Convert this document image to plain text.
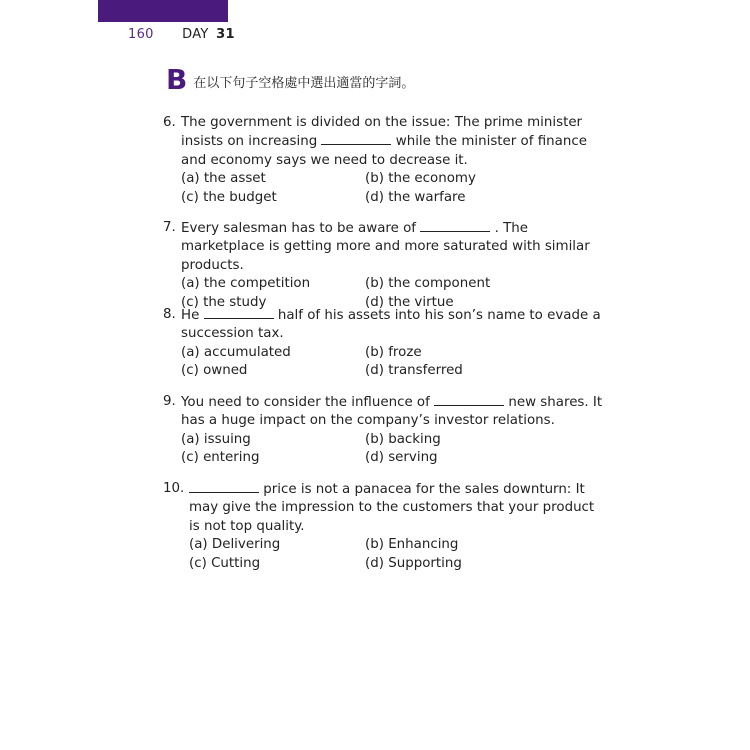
160 DAY 31
B 在以下句子空格處中選出適當的字詞。
6. The government is divided on the issue: The prime minister insists on increasing	while the minister of finance and economy says we need to decrease it.
(a) the asset	(b) the economy
(c) the budget	(d) the warfare
7. Every salesman has to be aware of	. The marketplace is getting more and more saturated with similar products.
(a) the competition	(b) the component
(c) the study	(d) the virtue
8. He	half of his assets into his son’s name to evade a succession tax.
(a) accumulated	(b) froze
(c) owned	(d) transferred
9. You need to consider the influence of	new shares. It has a huge impact on the company’s investor relations.
(a) issuing	(b) backing
(c) entering	(d) serving
10.	price is not a panacea for the sales downturn: It may give the impression to the customers that your product is not top quality.
(a) Delivering	(b) Enhancing
(c) Cutting	(d) Supporting
